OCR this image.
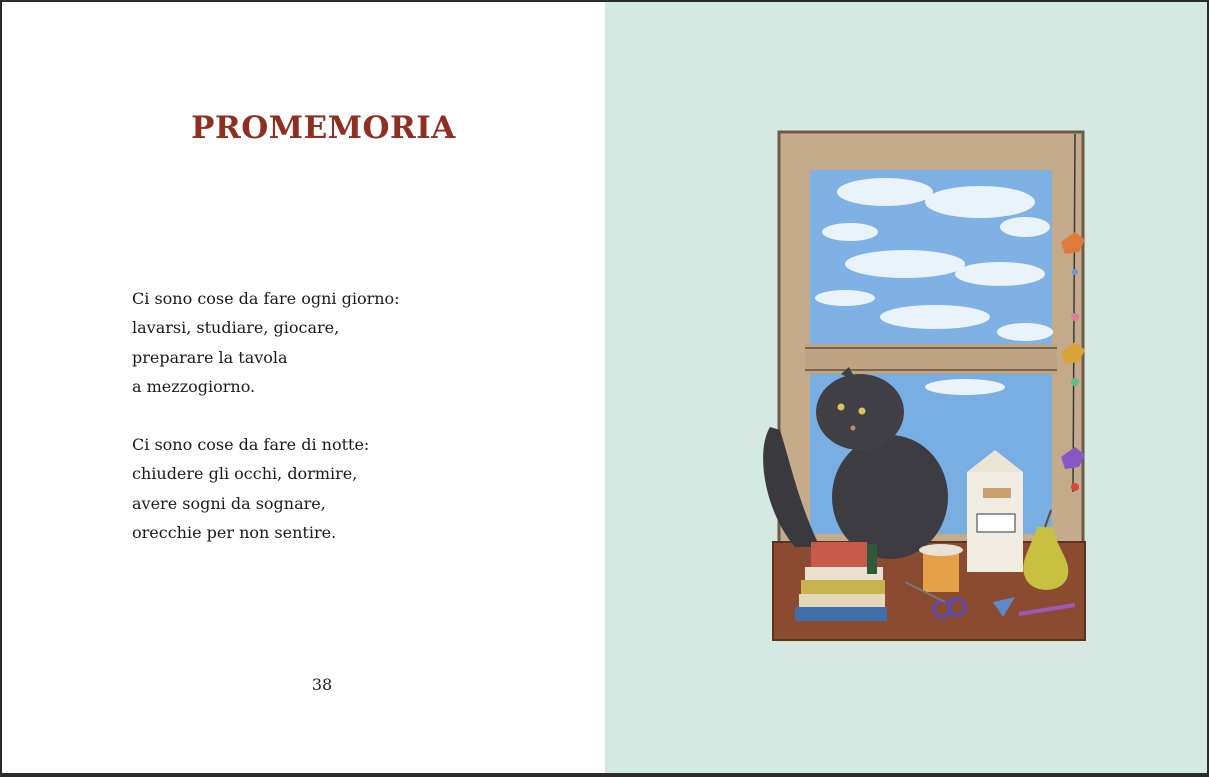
PROMEMORIA
Ci sono cose da fare ogni giorno:
lavarsi, studiare, giocare,
preparare la tavola
a mezzogiorno.
Ci sono cose da fare di notte:
chiudere gli occhi, dormire,
avere sogni da sognare,
orecchie per non sentire.
38
